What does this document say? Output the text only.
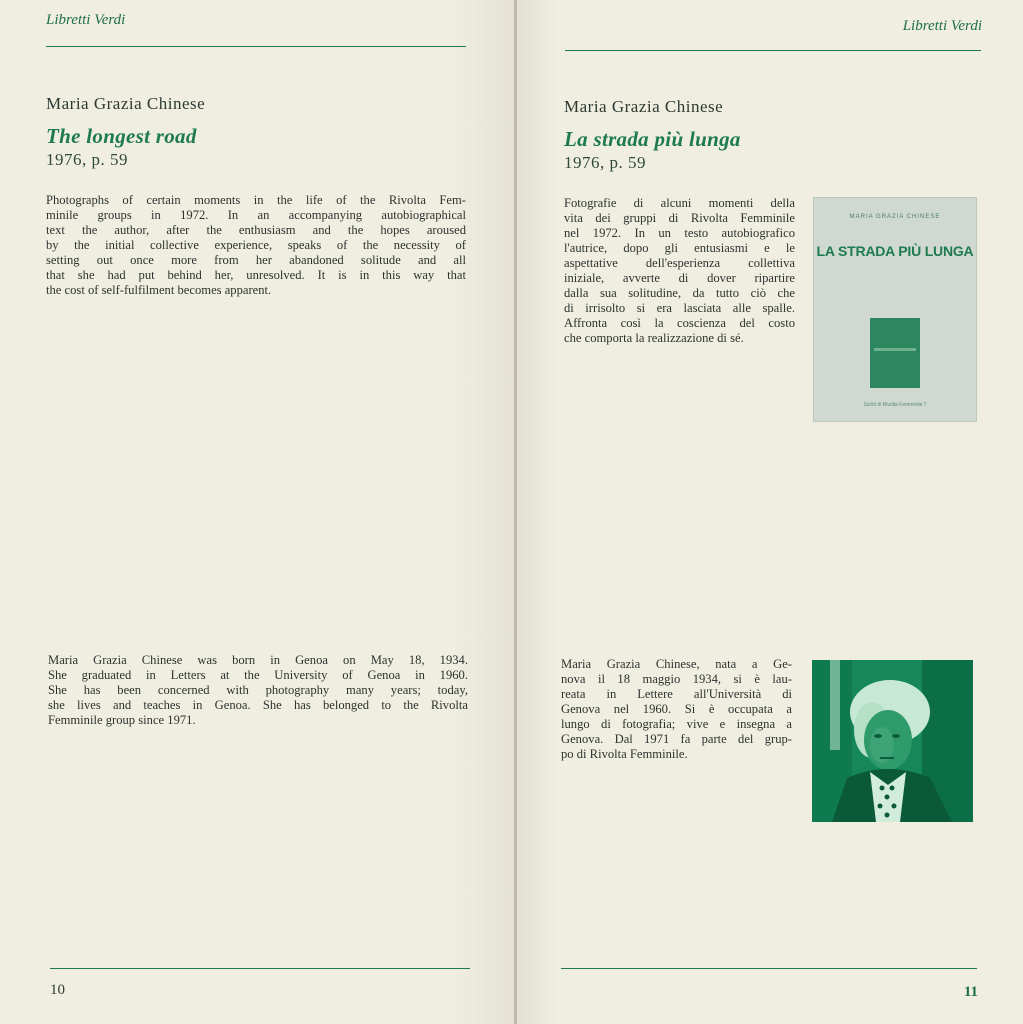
Libretti Verdi
Maria Grazia Chinese
The longest road
1976, p. 59
Photographs of certain moments in the life of the Rivolta Fem-
minile groups in 1972. In an accompanying autobiographical
text the author, after the enthusiasm and the hopes aroused
by the initial collective experience, speaks of the necessity of
setting out once more from her abandoned solitude and all
that she had put behind her, unresolved. It is in this way that
the cost of self-fulfilment becomes apparent.
Maria Grazia Chinese was born in Genoa on May 18, 1934.
She graduated in Letters at the University of Genoa in 1960.
She has been concerned with photography many years; today,
she lives and teaches in Genoa. She has belonged to the Rivolta
Femminile group since 1971.
10
Libretti Verdi
Maria Grazia Chinese
La strada più lunga
1976, p. 59
Fotografie di alcuni momenti della
vita dei gruppi di Rivolta Femminile
nel 1972. In un testo autobiografico
l'autrice, dopo gli entusiasmi e le
aspettative dell'esperienza collettiva
iniziale, avverte di dover ripartire
dalla sua solitudine, da tutto ciò che
di irrisolto si era lasciata alle spalle.
Affronta così la coscienza del costo
che comporta la realizzazione di sé.
MARIA GRAZIA CHINESE
LA STRADA PIÙ LUNGA
Scritti di Rivolta Femminile 7
Maria Grazia Chinese, nata a Ge-
nova il 18 maggio 1934, si è lau-
reata in Lettere all'Università di
Genova nel 1960. Si è occupata a
lungo di fotografia; vive e insegna a
Genova. Dal 1971 fa parte del grup-
po di Rivolta Femminile.
11
